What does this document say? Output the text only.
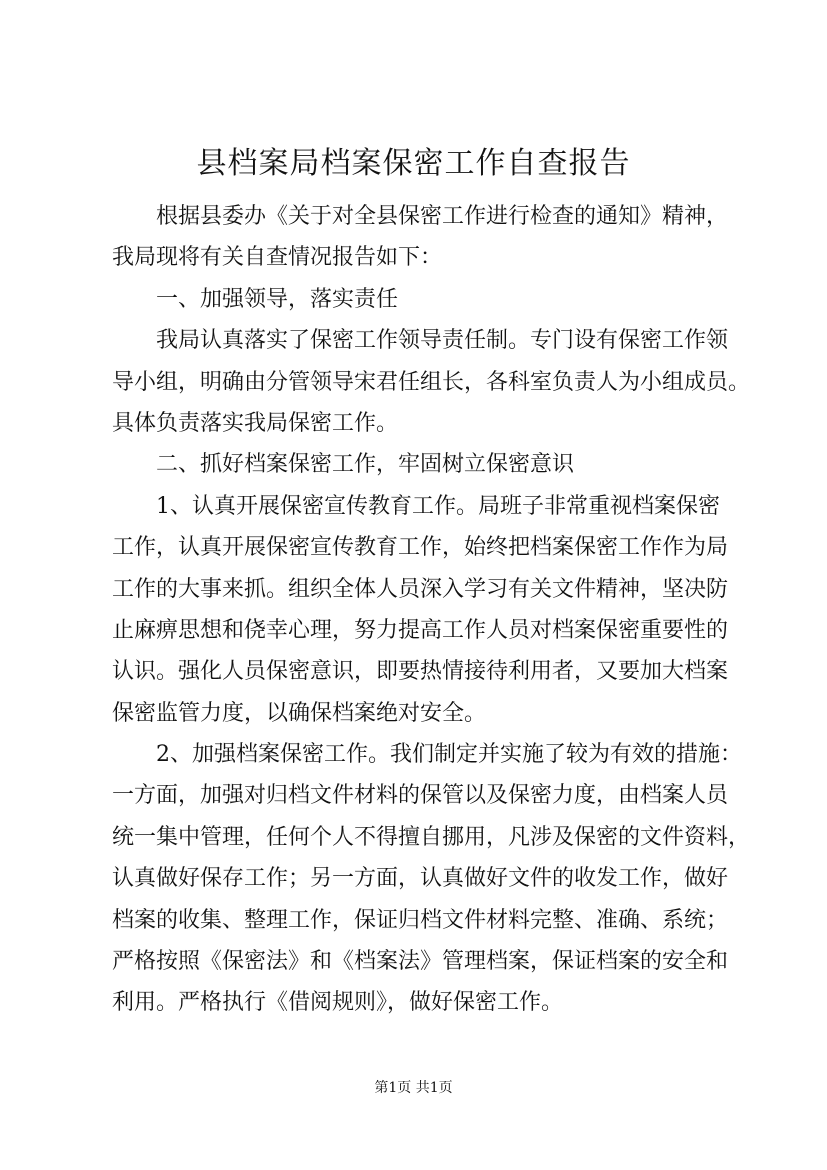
县档案局档案保密工作自查报告
根据县委办《关于对全县保密工作进行检查的通知》精神，
我局现将有关自查情况报告如下：
一、加强领导，落实责任
我局认真落实了保密工作领导责任制。专门设有保密工作领
导小组，明确由分管领导宋君任组长，各科室负责人为小组成员。
具体负责落实我局保密工作。
二、抓好档案保密工作，牢固树立保密意识
1、认真开展保密宣传教育工作。局班子非常重视档案保密
工作，认真开展保密宣传教育工作，始终把档案保密工作作为局
工作的大事来抓。组织全体人员深入学习有关文件精神，坚决防
止麻痹思想和侥幸心理，努力提高工作人员对档案保密重要性的
认识。强化人员保密意识，即要热情接待利用者，又要加大档案
保密监管力度，以确保档案绝对安全。
2、加强档案保密工作。我们制定并实施了较为有效的措施：
一方面，加强对归档文件材料的保管以及保密力度，由档案人员
统一集中管理，任何个人不得擅自挪用，凡涉及保密的文件资料，
认真做好保存工作；另一方面，认真做好文件的收发工作，做好
档案的收集、整理工作，保证归档文件材料完整、准确、系统；
严格按照《保密法》和《档案法》管理档案，保证档案的安全和
利用。严格执行《借阅规则》，做好保密工作。
第1页 共1页
